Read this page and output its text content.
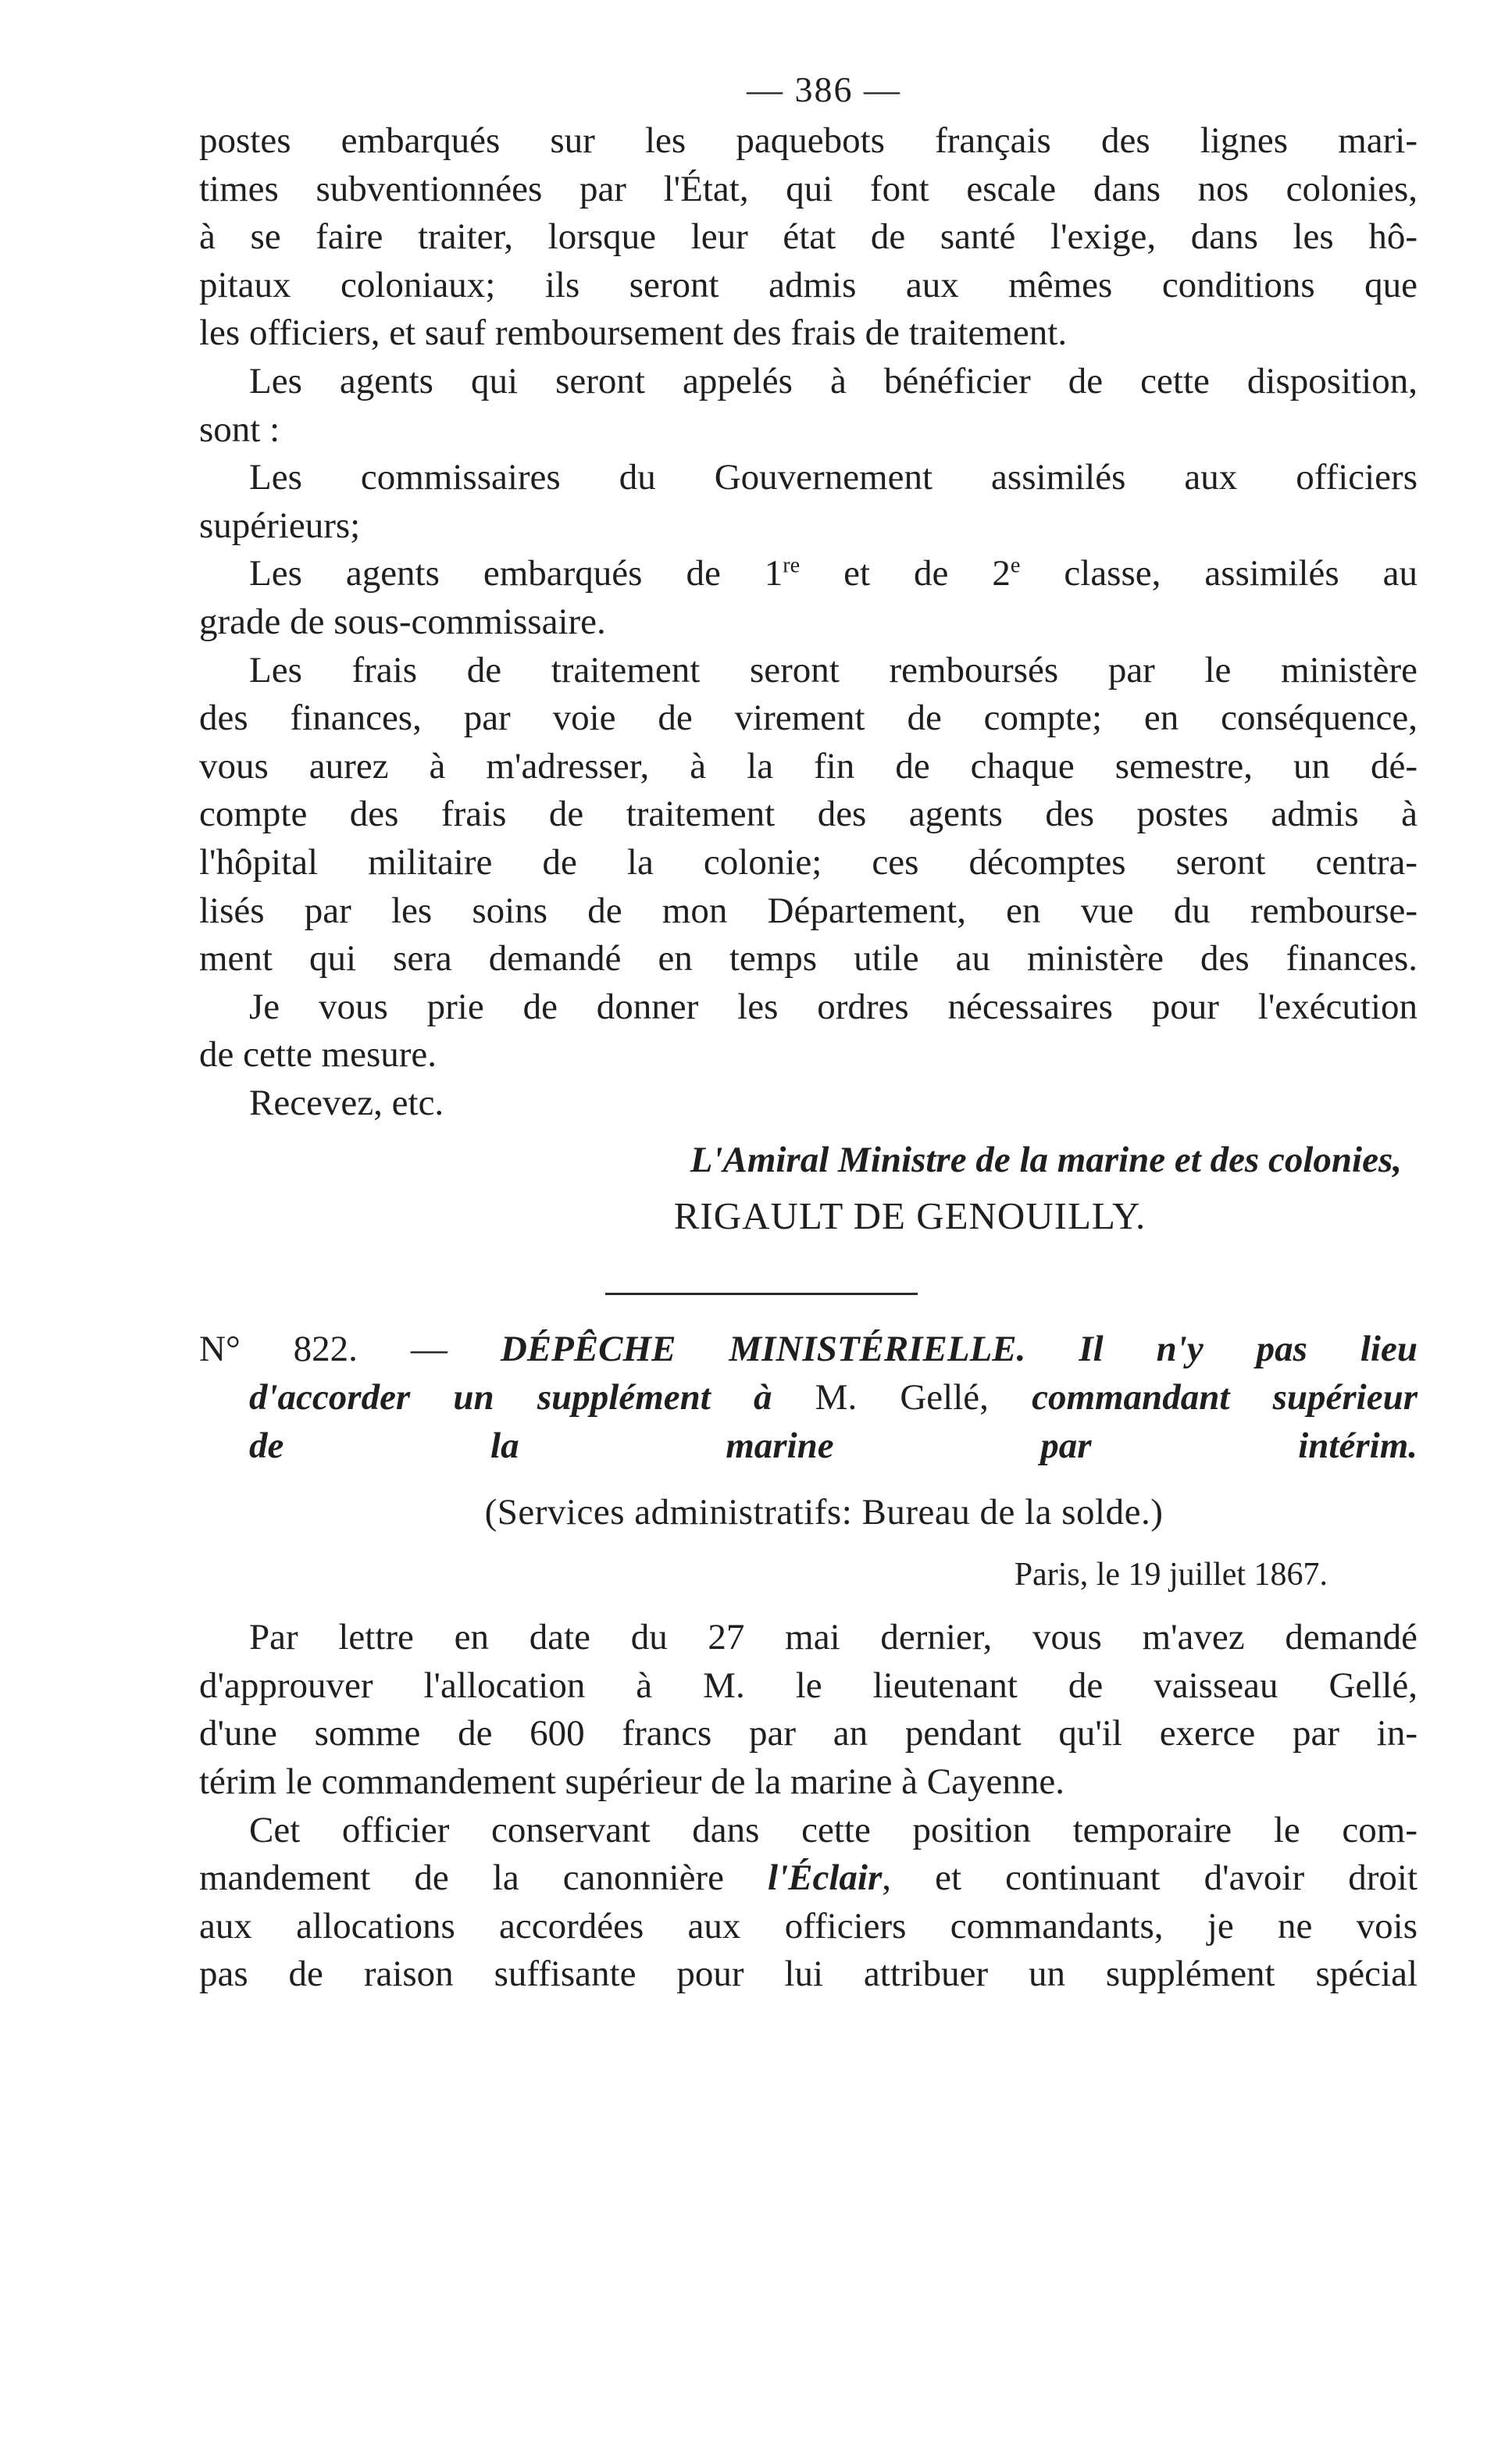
— 386 —
postes embarqués sur les paquebots français des lignes mari-
times subventionnées par l'État, qui font escale dans nos colonies,
à se faire traiter, lorsque leur état de santé l'exige, dans les hô-
pitaux coloniaux; ils seront admis aux mêmes conditions que
les officiers, et sauf remboursement des frais de traitement.
Les agents qui seront appelés à bénéficier de cette disposition,
sont :
Les commissaires du Gouvernement assimilés aux officiers
supérieurs;
Les agents embarqués de 1re et de 2e classe, assimilés au
grade de sous-commissaire.
Les frais de traitement seront remboursés par le ministère
des finances, par voie de virement de compte; en conséquence,
vous aurez à m'adresser, à la fin de chaque semestre, un dé-
compte des frais de traitement des agents des postes admis à
l'hôpital militaire de la colonie; ces décomptes seront centra-
lisés par les soins de mon Département, en vue du rembourse-
ment qui sera demandé en temps utile au ministère des finances.
Je vous prie de donner les ordres nécessaires pour l'exécution
de cette mesure.
Recevez, etc.
L'Amiral Ministre de la marine et des colonies,
RIGAULT DE GENOUILLY.
N° 822. — DÉPÊCHE MINISTÉRIELLE. Il n'y pas lieu
d'accorder un supplément à M. Gellé, commandant supérieur
de la marine par intérim.
(Services administratifs: Bureau de la solde.)
Paris, le 19 juillet 1867.
Par lettre en date du 27 mai dernier, vous m'avez demandé
d'approuver l'allocation à M. le lieutenant de vaisseau Gellé,
d'une somme de 600 francs par an pendant qu'il exerce par in-
térim le commandement supérieur de la marine à Cayenne.
Cet officier conservant dans cette position temporaire le com-
mandement de la canonnière l'Éclair, et continuant d'avoir droit
aux allocations accordées aux officiers commandants, je ne vois
pas de raison suffisante pour lui attribuer un supplément spécial
